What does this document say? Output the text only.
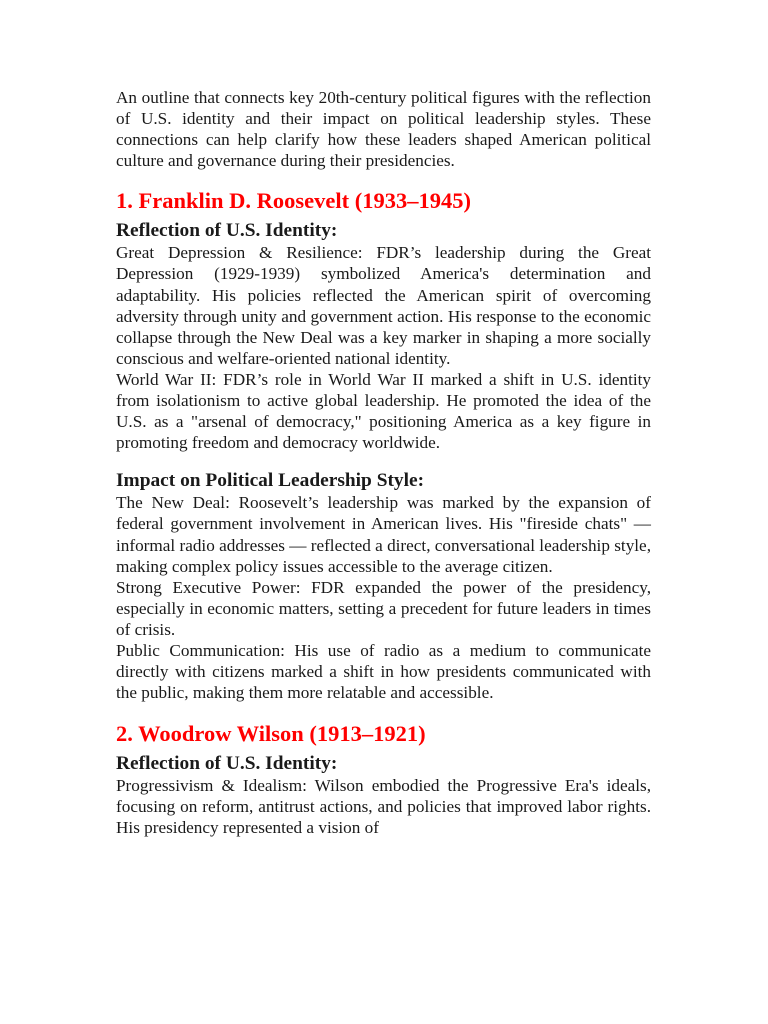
An outline that connects key 20th-century political figures with the reflection of U.S. identity and their impact on political leadership styles. These connections can help clarify how these leaders shaped American political culture and governance during their presidencies.

1. Franklin D. Roosevelt (1933–1945)
Reflection of U.S. Identity:

Great Depression & Resilience: FDR’s leadership during the Great Depression (1929-1939) symbolized America's determination and adaptability. His policies reflected the American spirit of overcoming adversity through unity and government action. His response to the economic collapse through the New Deal was a key marker in shaping a more socially conscious and welfare-oriented national identity.

World War II: FDR’s role in World War II marked a shift in U.S. identity from isolationism to active global leadership. He promoted the idea of the U.S. as a "arsenal of democracy," positioning America as a key figure in promoting freedom and democracy worldwide.

Impact on Political Leadership Style:

The New Deal: Roosevelt’s leadership was marked by the expansion of federal government involvement in American lives. His "fireside chats" — informal radio addresses — reflected a direct, conversational leadership style, making complex policy issues accessible to the average citizen.

Strong Executive Power: FDR expanded the power of the presidency, especially in economic matters, setting a precedent for future leaders in times of crisis.

Public Communication: His use of radio as a medium to communicate directly with citizens marked a shift in how presidents communicated with the public, making them more relatable and accessible.

2. Woodrow Wilson (1913–1921)
Reflection of U.S. Identity:

Progressivism & Idealism: Wilson embodied the Progressive Era's ideals, focusing on reform, antitrust actions, and policies that improved labor rights. His presidency represented a vision of
